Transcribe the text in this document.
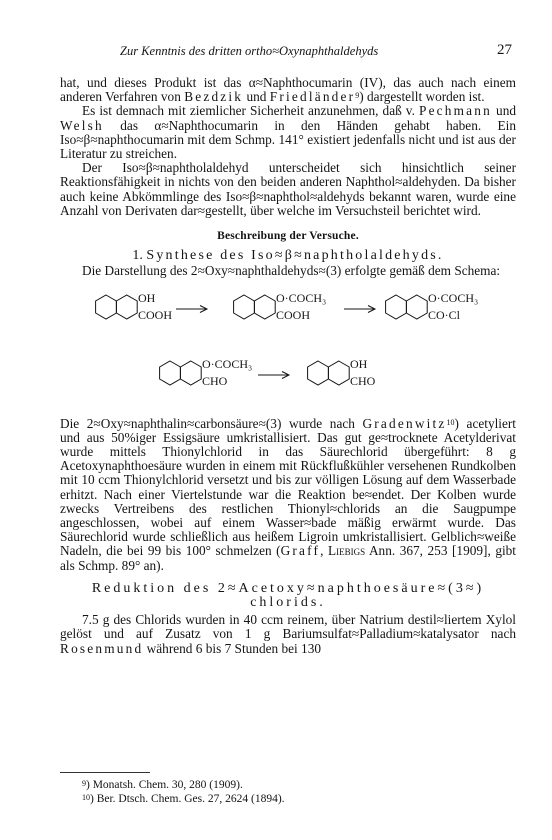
Zur Kenntnis des dritten ortho≈Oxynaphthaldehyds	27

hat, und dieses Produkt ist das α≈Naphthocumarin (IV), das auch nach einem anderen Verfahren von Bezdzik und Friedländer$^9$) dargestellt worden ist.

Es ist demnach mit ziemlicher Sicherheit anzunehmen, daß v. Pechmann und Welsh das α≈Naphthocumarin in den Händen gehabt haben. Ein Iso≈β≈naphthocumarin mit dem Schmp. 141° existiert jedenfalls nicht und ist aus der Literatur zu streichen.

Der Iso≈β≈naphtholaldehyd unterscheidet sich hinsichtlich seiner Reaktionsfähigkeit in nichts von den beiden anderen Naphthol≈aldehyden. Da bisher auch keine Abkömmlinge des Iso≈β≈naphthol≈aldehyds bekannt waren, wurde eine Anzahl von Derivaten dar≈gestellt, über welche im Versuchsteil berichtet wird.

Beschreibung der Versuche.
1. Synthese des Iso≈β≈naphtholaldehyds.

Die Darstellung des 2≈Oxy≈naphthaldehyds≈(3) erfolgte gemäß dem Schema:

OH
COOH
O·COCH₃
COOH
O·COCH₃
CO·Cl
O·COCH₃
CHO
OH
CHO

Die 2≈Oxy≈naphthalin≈carbonsäure≈(3) wurde nach Gradenwitz$^{10}$) acetyliert und aus 50%iger Essigsäure umkristallisiert. Das gut ge≈trocknete Acetylderivat wurde mittels Thionylchlorid in das Säurechlorid übergeführt: 8 g Acetoxynaphthoesäure wurden in einem mit Rückflußkühler versehenen Rundkolben mit 10 ccm Thionylchlorid versetzt und bis zur völligen Lösung auf dem Wasserbade erhitzt. Nach einer Viertelstunde war die Reaktion be≈endet. Der Kolben wurde zwecks Vertreibens des restlichen Thionyl≈chlorids an die Saugpumpe angeschlossen, wobei auf einem Wasser≈bade mäßig erwärmt wurde. Das Säurechlorid wurde schließlich aus heißem Ligroin umkristallisiert. Gelblich≈weiße Nadeln, die bei 99 bis 100° schmelzen (Graff, Liebigs Ann. 367, 253 [1909], gibt als Schmp. 89° an).

Reduktion des 2≈Acetoxy≈naphthoesäure≈(3≈)
chlorids.

7.5 g des Chlorids wurden in 40 ccm reinem, über Natrium destil≈liertem Xylol gelöst und auf Zusatz von 1 g Bariumsulfat≈Palladium≈katalysator nach Rosenmund während 6 bis 7 Stunden bei 130

$^9$) Monatsh. Chem. 30, 280 (1909).
$^{10}$) Ber. Dtsch. Chem. Ges. 27, 2624 (1894).
